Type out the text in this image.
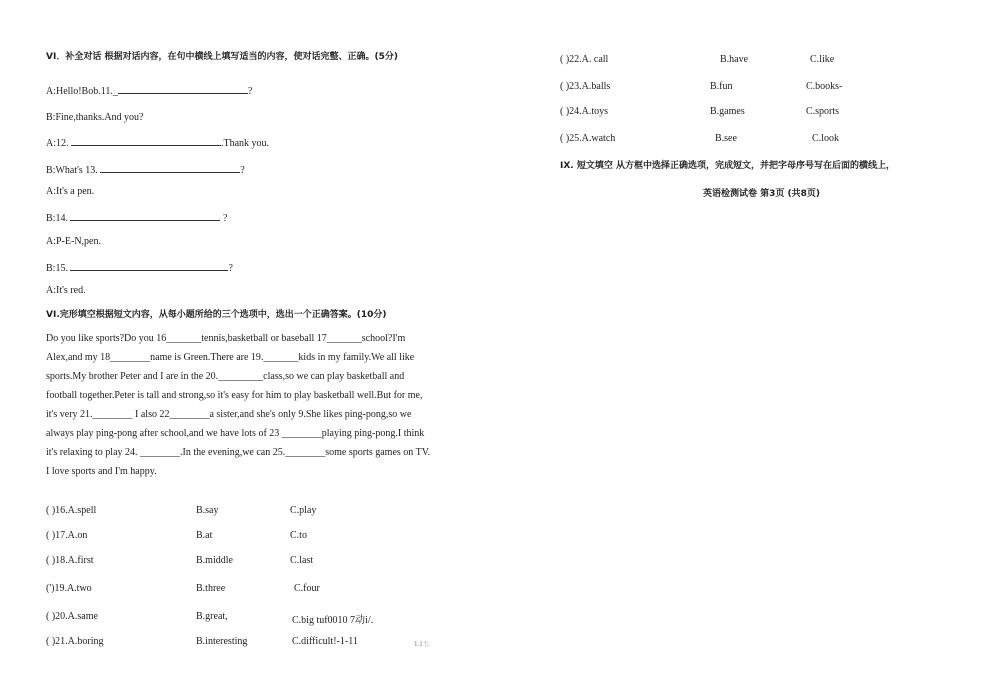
VI．补全对话 根据对话内容，在句中横线上填写适当的内容，使对话完整、正确。(5分)
A:Hello!Bob.11._	?
B:Fine,thanks.And you?
A:12.	.Thank you.
B:What's 13.	?
A:It's a pen.
B:14.	?
A:P-E-N,pen.
B:15.	?
A:It's red.
VI.完形填空根据短文内容，从每小题所给的三个选项中，选出一个正确答案。(10分)
Do you like sports?Do you 16_______tennis,basketball or baseball 17_______school?I'm
Alex,and my 18________name is Green.There are 19._______kids in my family.We all like
sports.My brother Peter and I are in the 20._________class,so we can play basketball and
football together.Peter is tall and strong,so it's easy for him to play basketball well.But for me,
it's very 21.________ I also 22________a sister,and she's only 9.She likes ping-pong,so we
always play ping-pong after school,and we have lots of 23 ________playing ping-pong.I think
it's relaxing to play 24. ________.In the evening,we can 25.________some sports games on TV.
I love sports and I'm happy.
( )16.A.spell	B.say	C.play
( )17.A.on	B.at	C.to
( )18.A.first	B.middle	C.last
(')19.A.two	B.three	C.four
( )20.A.same	B.great,	C.big tuf0010 7动i/.
( )21.A.boring	B.interesting	C.difficult!-1-11	1.1 !:
( )22.A. call	B.have	C.like
( )23.A.balls	B.fun	C.books-
( )24.A.toys	B.games	C.sports
( )25.A.watch	B.see	C.look
IX. 短文填空 从方框中选择正确选项，完成短文，并把字母序号写在后面的横线上，
英语检测试卷 第3页 (共8页)
